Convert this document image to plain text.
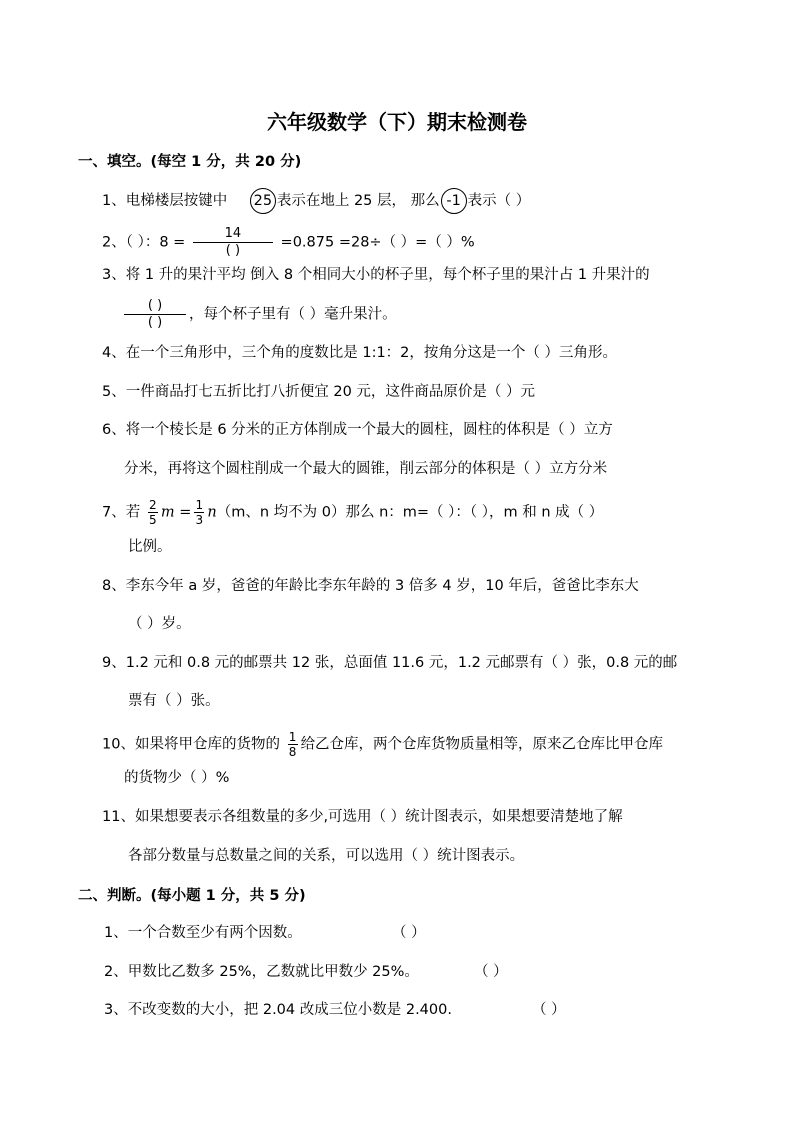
六年级数学（下）期末检测卷
一、填空。(每空 1 分，共 20 分)
1、电梯楼层按键中 25 表示在地上 25 层， 那么 -1 表示（ ）
2、（ ）：$8 = \frac{14}{( )} =0.875 =28\div$（ ）=（ ）%
3、将 1 升的果汁平均 倒入 8 个相同大小的杯子里，每个杯子里的果汁占 1 升果汁的
$\frac{( )}{( )}$ ，每个杯子里有（ ）毫升果汁。
4、在一个三角形中，三个角的度数比是 1:1：2，按角分这是一个（ ）三角形。
5、一件商品打七五折比打八折便宜 20 元，这件商品原价是（ ）元
6、将一个棱长是 6 分米的正方体削成一个最大的圆柱，圆柱的体积是（ ）立方
分米，再将这个圆柱削成一个最大的圆锥，削云部分的体积是（ ）立方分米
7、若 $\frac{2}{5}$ $m = \frac{1}{3} n(m$、n 均不为 0）那么 n：m=（ ）：（ ），m 和 n 成（ ）
比例。
8、李东今年 a 岁，爸爸的年龄比李东年龄的 3 倍多 4 岁，10 年后，爸爸比李东大
（ ）岁。
9、1.2 元和 0.8 元的邮票共 12 张，总面值 11.6 元，1.2 元邮票有（ ）张，0.8 元的邮
票有（ ）张。
10、如果将甲仓库的货物的 $\frac{1}{8}$ 给乙仓库，两个仓库货物质量相等，原来乙仓库比甲仓库
的货物少（ ）%
11、如果想要表示各组数量的多少,可选用（ ）统计图表示，如果想要清楚地了解
各部分数量与总数量之间的关系，可以选用（ ）统计图表示。
二、判断。(每小题 1 分，共 5 分)
1、一个合数至少有两个因数。	（ ）
2、甲数比乙数多 25%，乙数就比甲数少 25%。	（ ）
3、不改变数的大小，把 2.04 改成三位小数是 2.400.	（ ）
